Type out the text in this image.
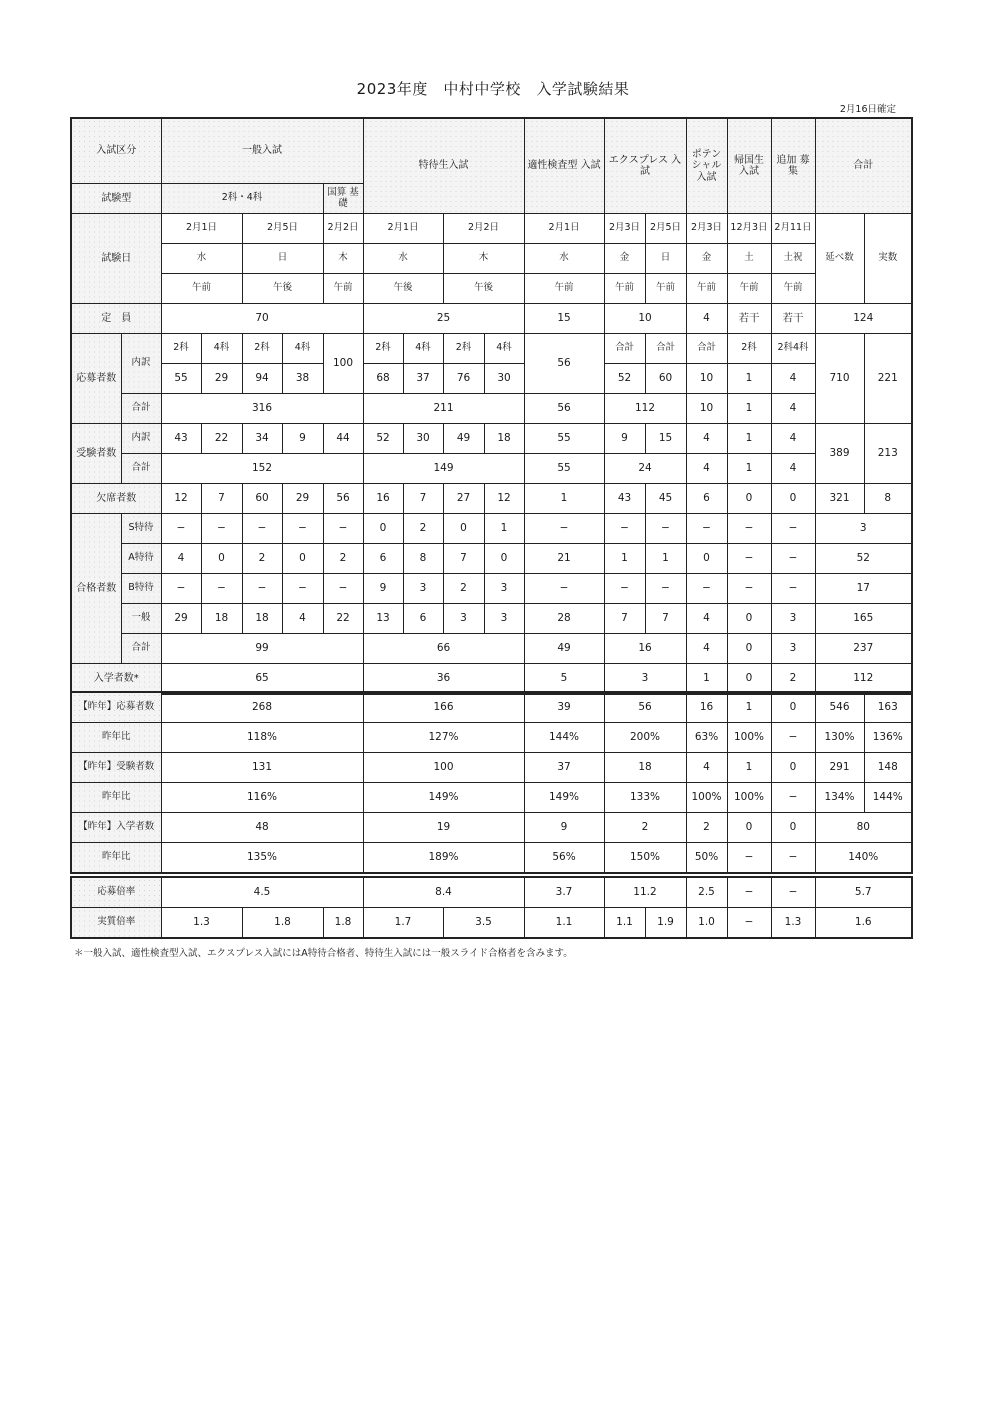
2023年度　中村中学校　入学試験結果
2月16日確定
入試区分		一般入試					特待生入試				適性検査型 入試	エクスプレス 入試		ポテン シャル 入試	帰国生 入試	追加 募集	合計	
試験型		2科・4科				国算 基礎												
試験日		2月1日		2月5日		2月2日	2月1日		2月2日		2月1日	2月3日	2月5日	2月3日	12月3日	2月11日	延べ数	実数
		水		日		木	水		木		水	金	日	金	土	土祝		
		午前		午後		午前	午後		午後		午前	午前	午前	午前	午前	午前		
定　員		70					25				15	10		4	若干	若干	124	
応募者数	内訳	2科	4科	2科	4科	100	2科	4科	2科	4科	56	合計	合計	合計	2科	2科4科	710	221
		55	29	94	38		68	37	76	30		52	60	10	1	4		
	合計	316					211				56	112		10	1	4		
受験者数	内訳	43	22	34	9	44	52	30	49	18	55	9	15	4	1	4	389	213
	合計	152					149				55	24		4	1	4		
欠席者数		12	7	60	29	56	16	7	27	12	1	43	45	6	0	0	321	8
合格者数	S特待	−	−	−	−	−	0	2	0	1	−	−	−	−	−	−	3	
	A特待	4	0	2	0	2	6	8	7	0	21	1	1	0	−	−	52	
	B特待	−	−	−	−	−	9	3	2	3	−	−	−	−	−	−	17	
	一般	29	18	18	4	22	13	6	3	3	28	7	7	4	0	3	165	
	合計	99					66				49	16		4	0	3	237	
入学者数*		65					36				5	3		1	0	2	112	
【昨年】応募者数	268	166	39	56	16	1	0	546	163
昨年比	118%	127%	144%	200%	63%	100%	−	130%	136%
【昨年】受験者数	131	100	37	18	4	1	0	291	148
昨年比	116%	149%	149%	133%	100%	100%	−	134%	144%
【昨年】入学者数	48	19	9	2	2	0	0	80	
昨年比	135%	189%	56%	150%	50%	−	−	140%	
応募倍率	4.5			8.4		3.7	11.2		2.5	−	−	5.7
実質倍率	1.3	1.8	1.8	1.7	3.5	1.1	1.1	1.9	1.0	−	1.3	1.6
＊一般入試、適性検査型入試、エクスプレス入試にはA特待合格者、特待生入試には一般スライド合格者を含みます。
